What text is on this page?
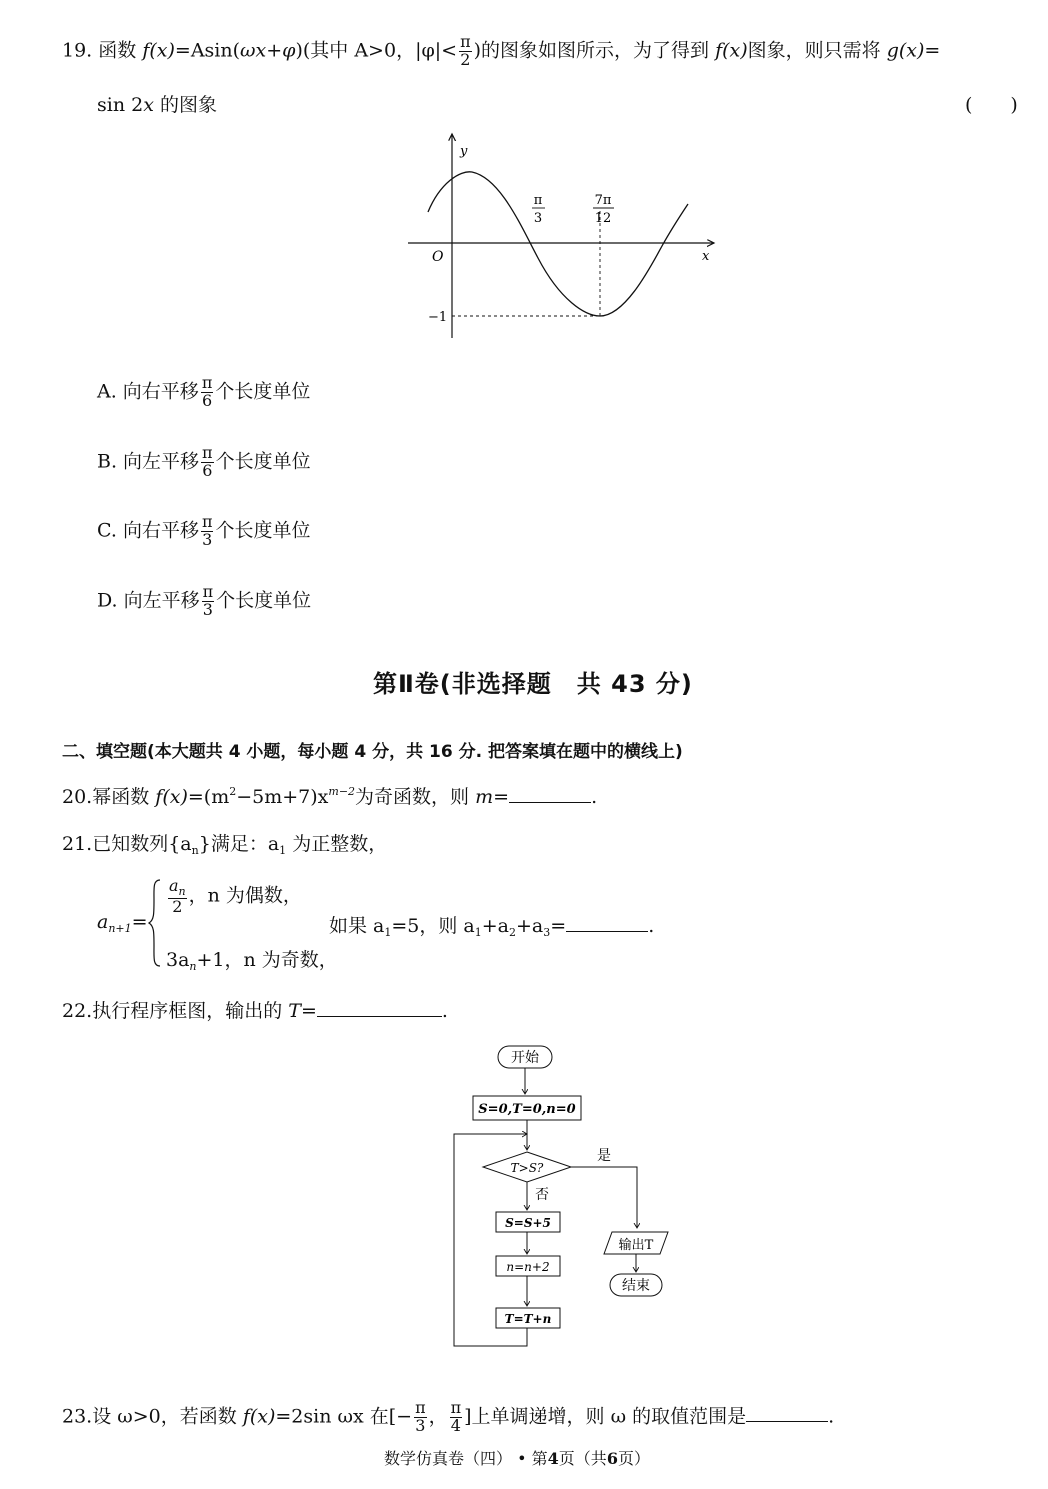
19. 函数 f(x)=Asin(ωx+φ)(其中 A>0，$|\varphi|< \frac{\pi}{2}$ )的图象如图所示，为了得到 f(x)图象，则只需将 g(x)=
sin 2x 的图象	(　　)
y
x
O
−1
π
3
7π
12
A. 向右平移 $\frac{\pi}{6}$ 个长度单位
B. 向左平移 $\frac{\pi}{6}$ 个长度单位
C. 向右平移 $\frac{\pi}{3}$ 个长度单位
D. 向左平移 $\frac{\pi}{3}$ 个长度单位
第Ⅱ卷(非选择题　共 43 分)
二、填空题(本大题共 4 小题，每小题 4 分，共 16 分. 把答案填在题中的横线上)
20.幂函数 $f(x)=(m^2-5m+7)x^{m-2}$为奇函数，则 m=	.
21.已知数列$\{a_n\}$满足：$a_1$ 为正整数，
$a_{n+1}=$
$\frac{a_n}{2}$ ，n 为偶数，
$3a_n+1$，n 为奇数，
如果 $a_1=5$，则 $a_1+a_2+a_3=$	.
22.执行程序框图，输出的 T=	.
开始
S=0,T=0,n=0
T>S?
是
否
S=S+5
n=n+2
T=T+n
输出T
结束
23.设 ω>0，若函数 f(x)=2sin ωx 在[− $\frac{\pi}{3}$ ， $\frac{\pi}{4}$ ]上单调递增，则 ω 的取值范围是	.
数学仿真卷（四） • 第4页（共6页）
